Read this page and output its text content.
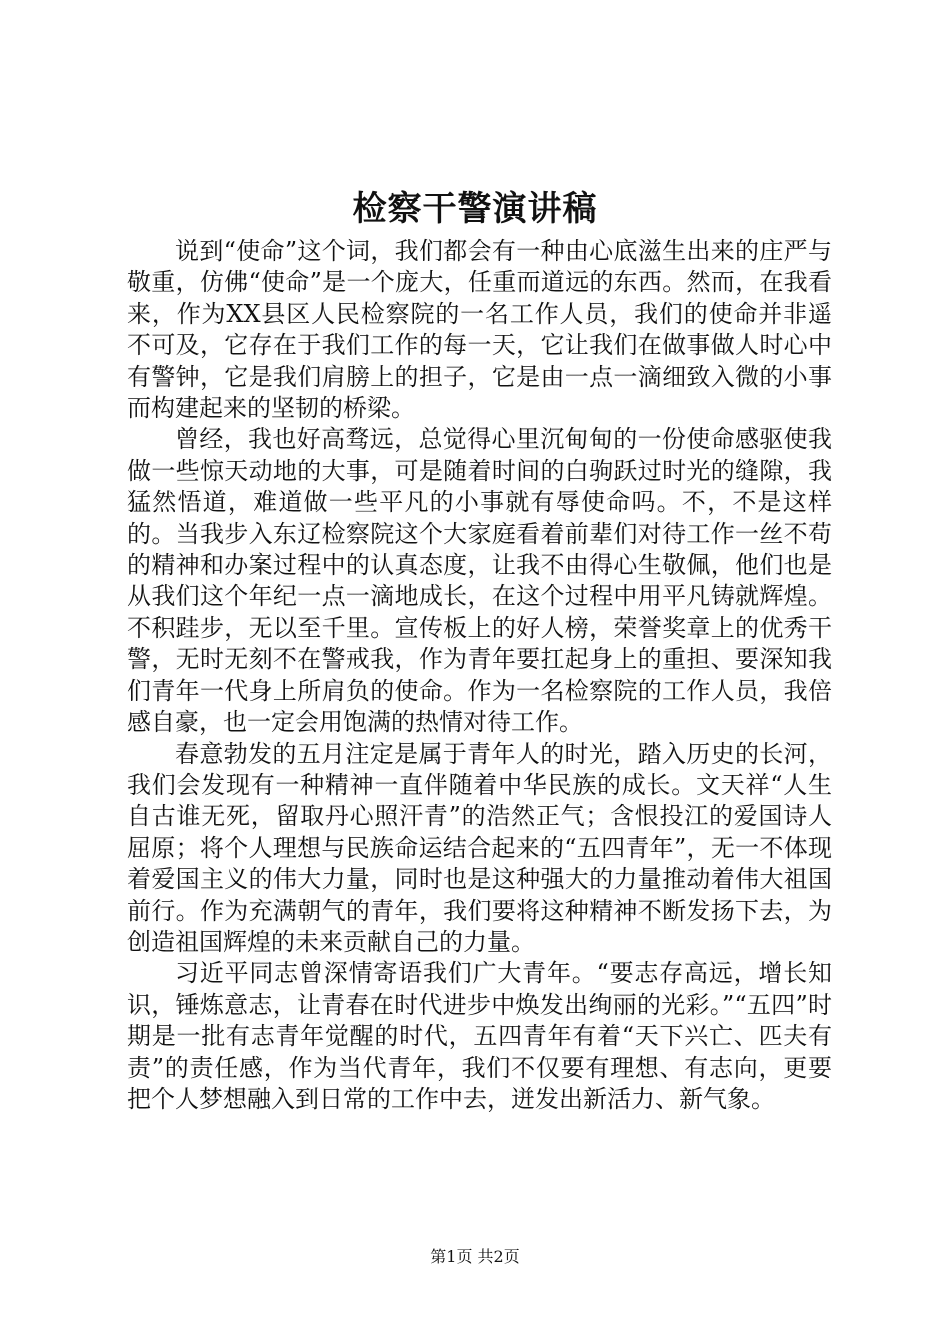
检察干警演讲稿

说到“使命”这个词，我们都会有一种由心底滋生出来的庄严与敬重，仿佛“使命”是一个庞大，任重而道远的东西。然而，在我看来，作为XX县区人民检察院的一名工作人员，我们的使命并非遥不可及，它存在于我们工作的每一天，它让我们在做事做人时心中有警钟，它是我们肩膀上的担子，它是由一点一滴细致入微的小事而构建起来的坚韧的桥梁。

曾经，我也好高骛远，总觉得心里沉甸甸的一份使命感驱使我做一些惊天动地的大事，可是随着时间的白驹跃过时光的缝隙，我猛然悟道，难道做一些平凡的小事就有辱使命吗。不，不是这样的。当我步入东辽检察院这个大家庭看着前辈们对待工作一丝不苟的精神和办案过程中的认真态度，让我不由得心生敬佩，他们也是从我们这个年纪一点一滴地成长，在这个过程中用平凡铸就辉煌。不积跬步，无以至千里。宣传板上的好人榜，荣誉奖章上的优秀干警，无时无刻不在警戒我，作为青年要扛起身上的重担、要深知我们青年一代身上所肩负的使命。作为一名检察院的工作人员，我倍感自豪，也一定会用饱满的热情对待工作。

春意勃发的五月注定是属于青年人的时光，踏入历史的长河，我们会发现有一种精神一直伴随着中华民族的成长。文天祥“人生自古谁无死，留取丹心照汗青”的浩然正气；含恨投江的爱国诗人屈原；将个人理想与民族命运结合起来的“五四青年”，无一不体现着爱国主义的伟大力量，同时也是这种强大的力量推动着伟大祖国前行。作为充满朝气的青年，我们要将这种精神不断发扬下去，为创造祖国辉煌的未来贡献自己的力量。

习近平同志曾深情寄语我们广大青年。“要志存高远，增长知识，锤炼意志，让青春在时代进步中焕发出绚丽的光彩。”“五四”时期是一批有志青年觉醒的时代，五四青年有着“天下兴亡、匹夫有责”的责任感，作为当代青年，我们不仅要有理想、有志向，更要把个人梦想融入到日常的工作中去，迸发出新活力、新气象。

第1页 共2页
